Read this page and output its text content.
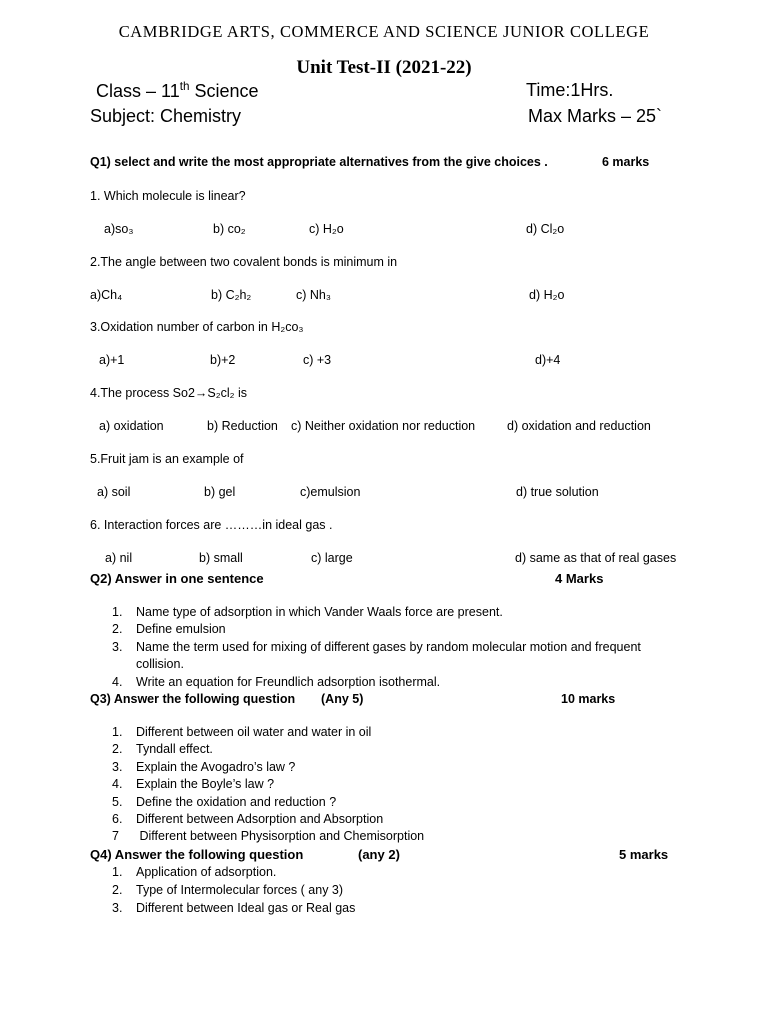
CAMBRIDGE ARTS, COMMERCE AND SCIENCE JUNIOR COLLEGE
Unit Test-II (2021-22)
Class – 11th Science	Time:1Hrs.
Subject: Chemistry	Max Marks – 25`
Q1) select and write the most appropriate alternatives from the give choices .	6 marks
1. Which molecule is linear?
a)so₃	b) co₂	c) H₂o	d) Cl₂o
2.The angle between two covalent bonds is minimum in
a)Ch₄	b) C₂h₂	c) Nh₃	d) H₂o
3.Oxidation number of carbon in H₂co₃
a)+1	b)+2	c) +3	d)+4
4.The process So2→S₂cl₂ is
a) oxidation	b) Reduction c) Neither oxidation nor reduction	d) oxidation and reduction
5.Fruit jam is an example of
a) soil	b) gel	c)emulsion	d) true solution
6. Interaction forces are ………in ideal gas .
a) nil	b) small	c) large	d) same as that of real gases
Q2) Answer in one sentence	4 Marks
1. Name type of adsorption in which Vander Waals force are present.
2. Define emulsion
3. Name the term used for mixing of different gases by random molecular motion and frequent
collision.
4. Write an equation for Freundlich adsorption isothermal.
Q3) Answer the following question (Any 5)	10 marks
1. Different between oil water and water in oil
2. Tyndall effect.
3. Explain the Avogadro’s law ?
4. Explain the Boyle’s law ?
5. Define the oxidation and reduction ?
6. Different between Adsorption and Absorption
7 Different between Physisorption and Chemisorption
Q4) Answer the following question	(any 2)	5 marks
1. Application of adsorption.
2. Type of Intermolecular forces ( any 3)
3. Different between Ideal gas or Real gas
